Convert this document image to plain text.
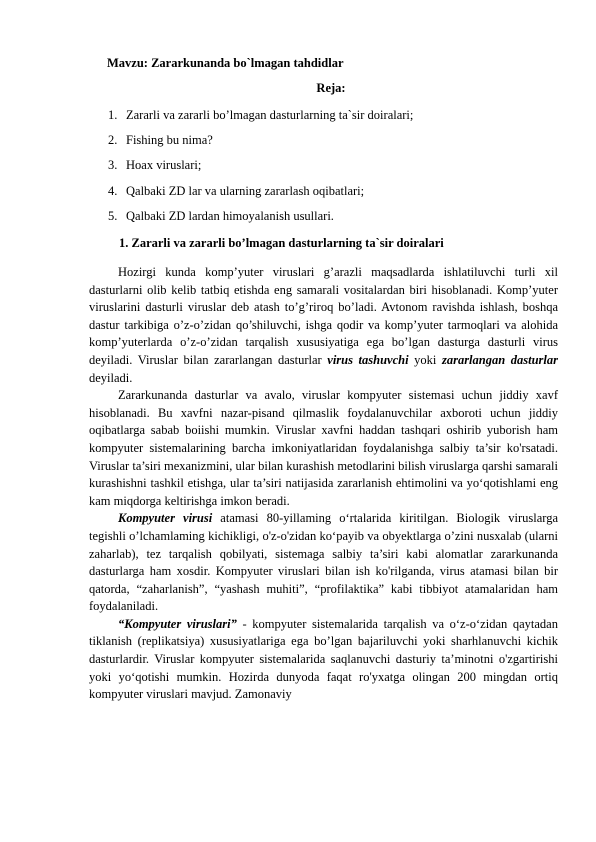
Mavzu: Zararkunanda bo`lmagan tahdidlar
Reja:
1. Zararli va zararli bo’lmagan dasturlarning ta`sir doiralari;
2. Fishing bu nima?
3. Hoax viruslari;
4. Qalbaki ZD lar va ularning zararlash oqibatlari;
5. Qalbaki ZD lardan himoyalanish usullari.
1. Zararli va zararli bo’lmagan dasturlarning ta`sir doiralari

Hozirgi kunda komp’yuter viruslari g’arazli maqsadlarda ishlatiluvchi turli xil dasturlarni olib kelib tatbiq etishda eng samarali vositalardan biri hisoblanadi. Komp’yuter viruslarini dasturli viruslar deb atash to’g’riroq bo’ladi. Avtonom ravishda ishlash, boshqa dastur tarkibiga o’z-o’zidan qo’shiluvchi, ishga qodir va komp’yuter tarmoqlari va alohida komp’yuterlarda o’z-o’zidan tarqalish xususiyatiga ega bo’lgan dasturga dasturli virus deyiladi. Viruslar bilan zararlangan dasturlar virus tashuvchi yoki zararlangan dasturlar deyiladi.

Zararkunanda dasturlar va avalo, viruslar kompyuter sistemasi uchun jiddiy xavf hisoblanadi. Bu xavfni nazar-pisand qilmaslik foydalanuvchilar axboroti uchun jiddiy oqibatlarga sabab boiishi mumkin. Viruslar xavfni haddan tashqari oshirib yuborish ham kompyuter sistemalarining barcha imkoniyatlaridan foydalanishga salbiy ta’sir ko'rsatadi. Viruslar ta’siri mexanizmini, ular bilan kurashish metodlarini bilish viruslarga qarshi samarali kurashishni tashkil etishga, ular ta’siri natijasida zararlanish ehtimolini va yo‘qotishlami eng kam miqdorga keltirishga imkon beradi.

Kompyuter virusi atamasi 80-yillaming o‘rtalarida kiritilgan. Biologik viruslarga tegishli o’lchamlaming kichikligi, o'z-o'zidan ko‘payib va obyektlarga o’zini nusxalab (ularni zaharlab), tez tarqalish qobilyati, sistemaga salbiy ta’siri kabi alomatlar zararkunanda dasturlarga ham xosdir. Kompyuter viruslari bilan ish ko'rilganda, virus atamasi bilan bir qatorda, “zaharlanish”, “yashash muhiti”, “profilaktika” kabi tibbiyot atamalaridan ham foydalaniladi.

“Kompyuter viruslari” - kompyuter sistemalarida tarqalish va o‘z-o‘zidan qaytadan tiklanish (replikatsiya) xususiyatlariga ega bo’lgan bajariluvchi yoki sharhlanuvchi kichik dasturlardir. Viruslar kompyuter sistemalarida saqlanuvchi dasturiy ta’minotni o'zgartirishi yoki yo‘qotishi mumkin. Hozirda dunyoda faqat ro'yxatga olingan 200 mingdan ortiq kompyuter viruslari mavjud. Zamonaviy
